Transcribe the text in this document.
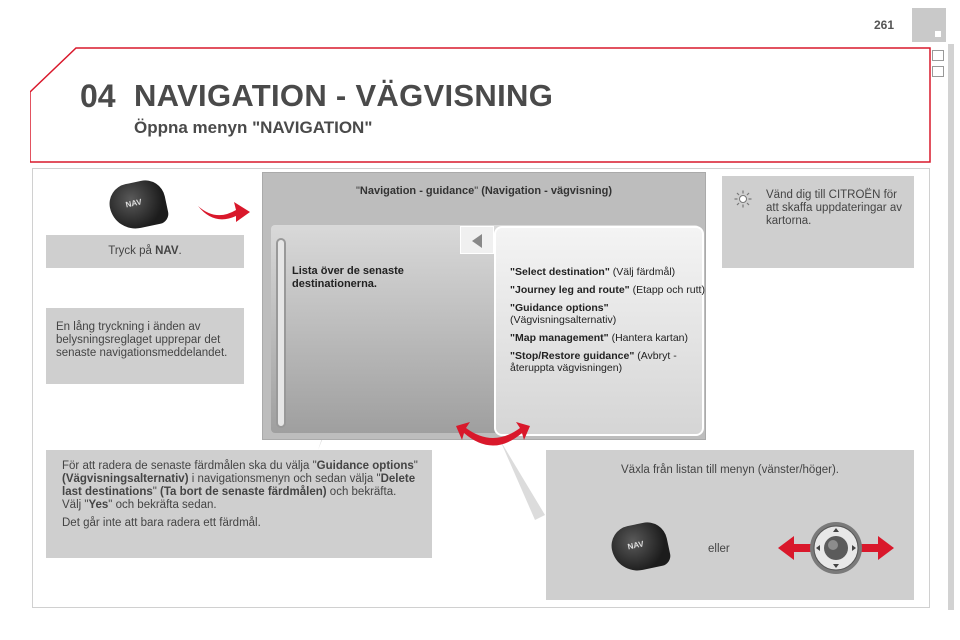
261
04 NAVIGATION - VÄGVISNING
Öppna menyn "NAVIGATION"
NAV
Tryck på NAV.
En lång tryckning i änden av belysningsreglaget upprepar det senaste navigationsmeddelandet.
För att radera de senaste färdmålen ska du välja "Guidance options" (Vägvisningsalternativ) i navigationsmenyn och sedan välja "Delete last destinations" (Ta bort de senaste färdmålen) och bekräfta. Välj "Yes" och bekräfta sedan.
Det går inte att bara radera ett färdmål.
"Navigation - guidance" (Navigation - vägvisning)
Lista över de senaste destinationerna.
"Select destination" (Välj färdmål)
"Journey leg and route" (Etapp och rutt)
"Guidance options" (Vägvisningsalternativ)
"Map management" (Hantera kartan)
"Stop/Restore guidance" (Avbryt - återuppta vägvisningen)
Vänd dig till CITROËN för att skaffa uppdateringar av kartorna.
Växla från listan till menyn (vänster/höger).
eller
NAV
